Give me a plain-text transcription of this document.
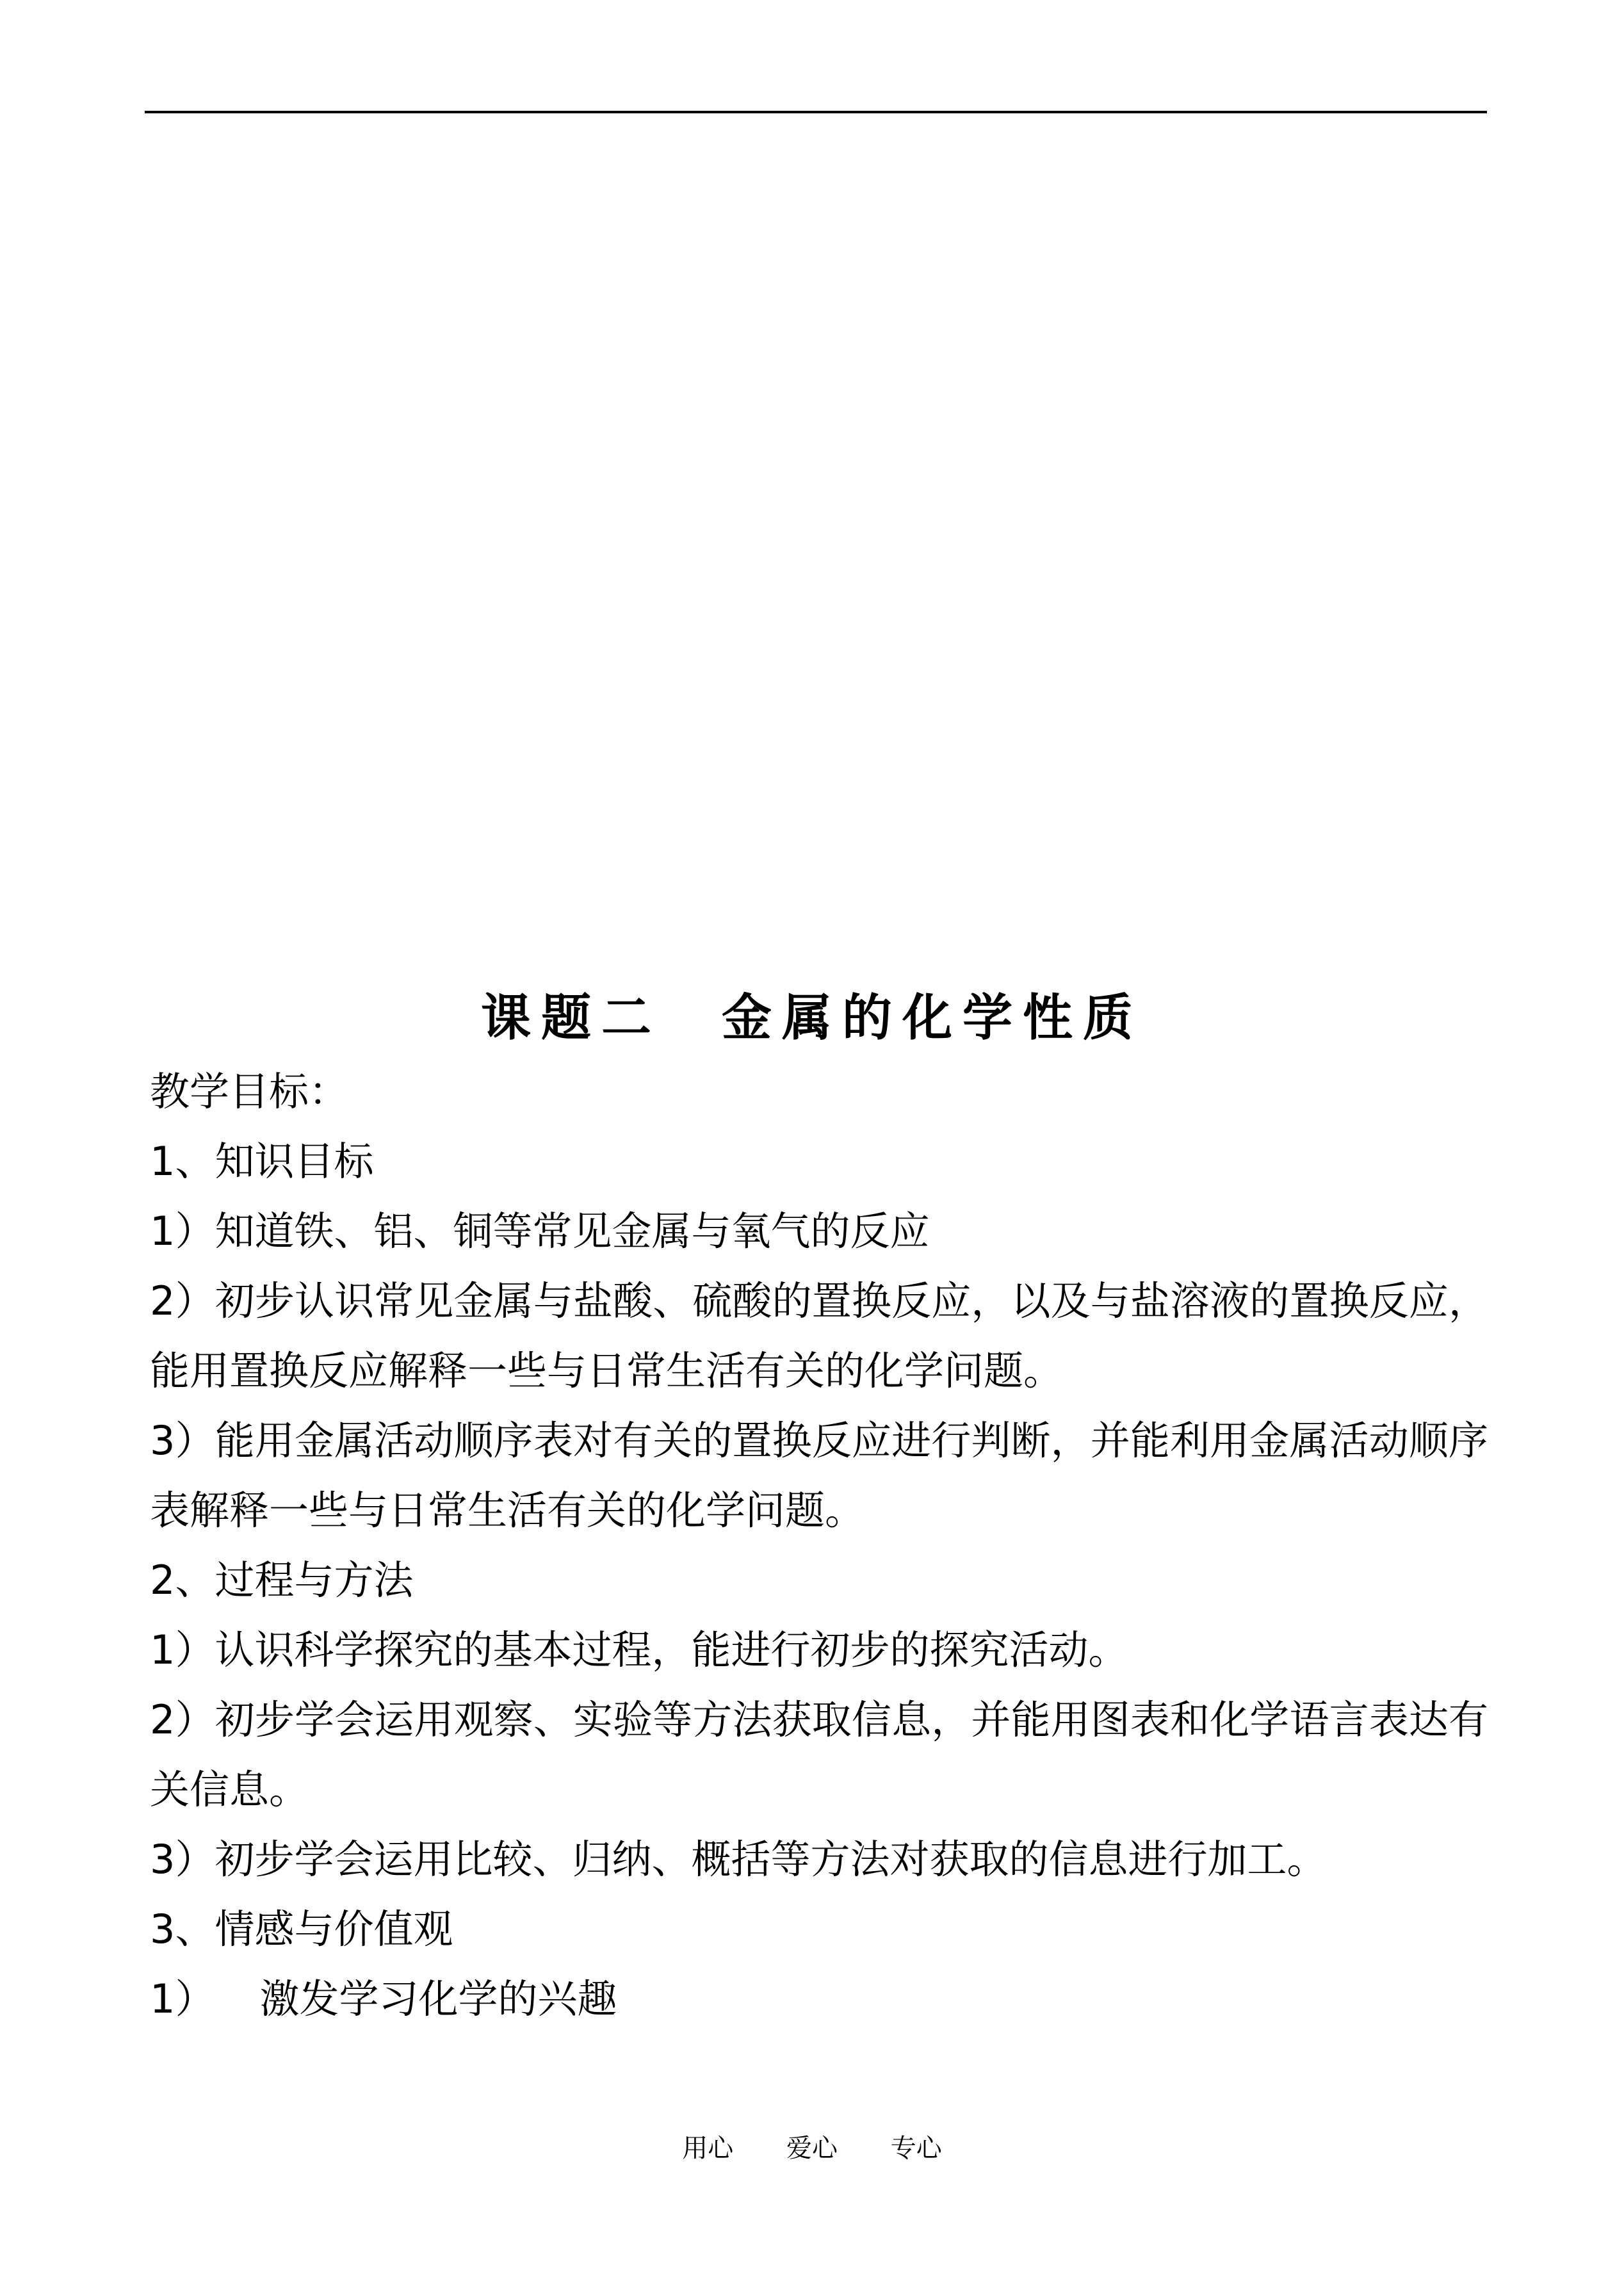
课题二　金属的化学性质
教学目标：
1、知识目标
1）知道铁、铝、铜等常见金属与氧气的反应
2）初步认识常见金属与盐酸、硫酸的置换反应，以及与盐溶液的置换反应，能用置换反应解释一些与日常生活有关的化学问题。
3）能用金属活动顺序表对有关的置换反应进行判断，并能利用金属活动顺序表解释一些与日常生活有关的化学问题。
2、过程与方法
1）认识科学探究的基本过程，能进行初步的探究活动。
2）初步学会运用观察、实验等方法获取信息，并能用图表和化学语言表达有关信息。
3）初步学会运用比较、归纳、概括等方法对获取的信息进行加工。
3、情感与价值观
1） 激发学习化学的兴趣
用心 爱心 专心
